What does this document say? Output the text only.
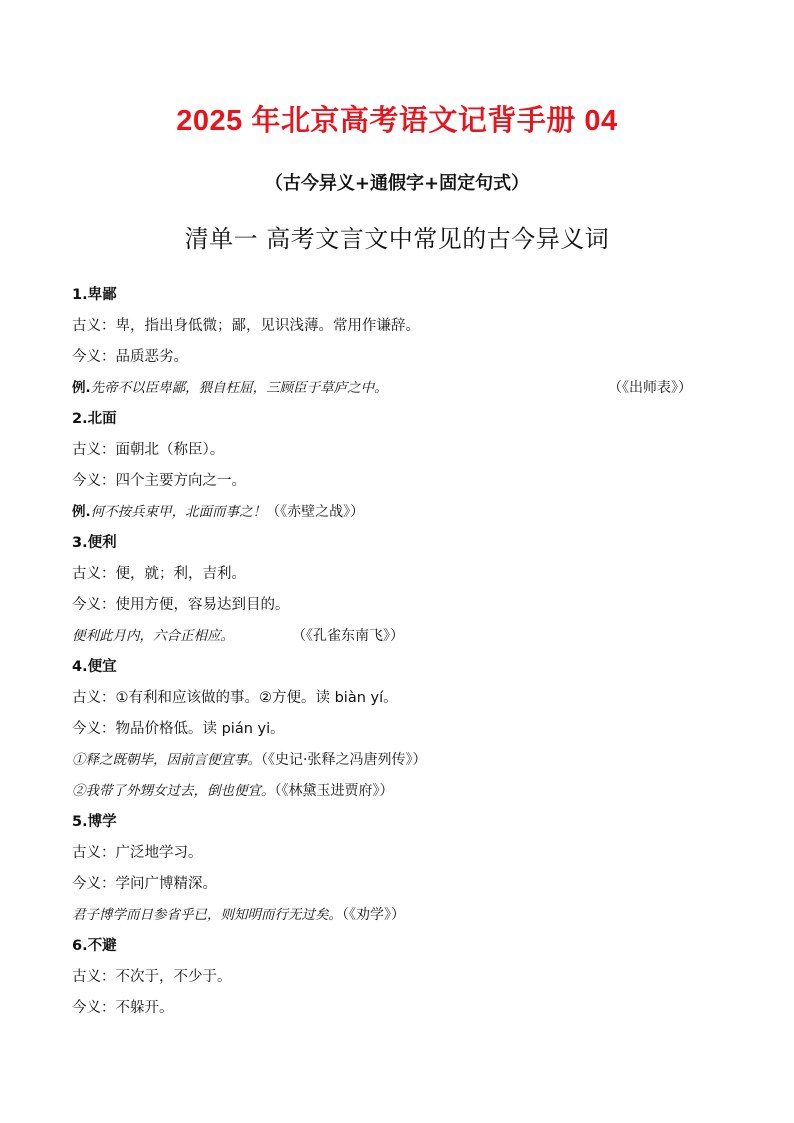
2025 年北京高考语文记背手册 04
（古今异义+通假字+固定句式）
清单一 高考文言文中常见的古今异义词
1.卑鄙
古义：卑，指出身低微；鄙，见识浅薄。常用作谦辞。
今义：品质恶劣。
例.先帝不以臣卑鄙，猥自枉屈，三顾臣于草庐之中。	（《出师表》）
2.北面
古义：面朝北（称臣）。
今义：四个主要方向之一。
例.何不按兵束甲，北面而事之！（《赤壁之战》）
3.便利
古义：便，就；利，吉利。
今义：使用方便，容易达到目的。
便利此月内，六合正相应。	（《孔雀东南飞》）
4.便宜
古义：①有利和应该做的事。②方便。读 biàn yí。
今义：物品价格低。读 pián yi。
①释之既朝毕，因前言便宜事。（《史记·张释之冯唐列传》）
②我带了外甥女过去，倒也便宜。（《林黛玉进贾府》）
5.博学
古义：广泛地学习。
今义：学问广博精深。
君子博学而日参省乎已，则知明而行无过矣。（《劝学》）
6.不避
古义：不次于，不少于。
今义：不躲开。
